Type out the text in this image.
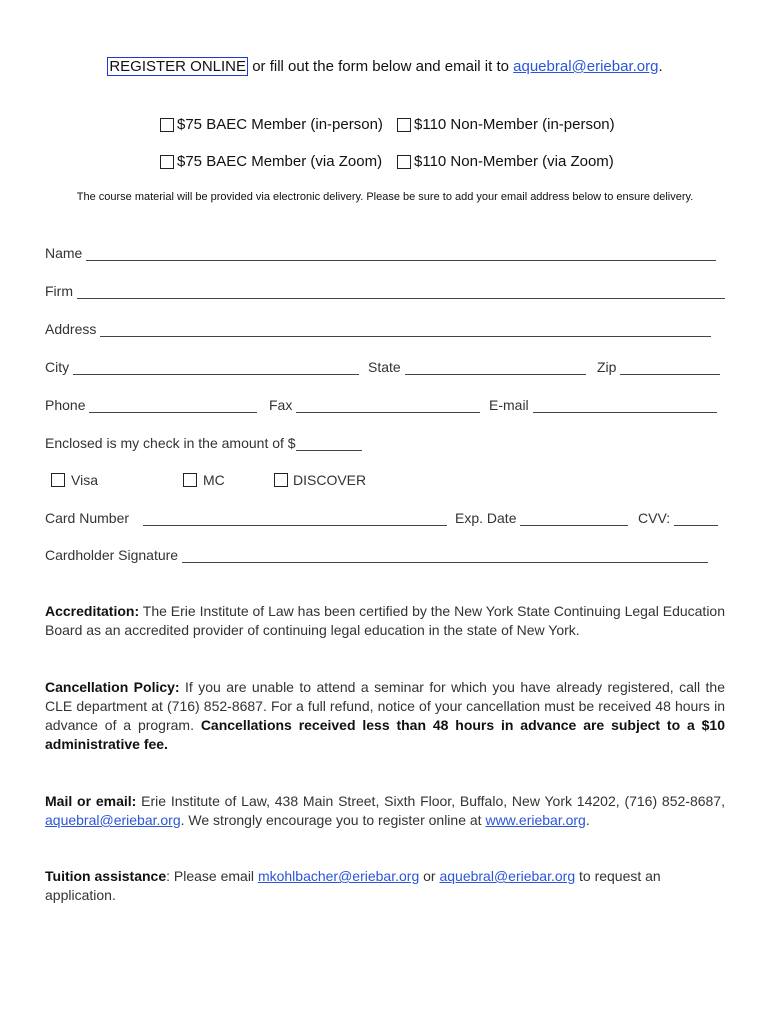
REGISTER ONLINE or fill out the form below and email it to aquebral@eriebar.org.
$75 BAEC Member (in-person) $110 Non-Member (in-person)
$75 BAEC Member (via Zoom) $110 Non-Member (via Zoom)
The course material will be provided via electronic delivery. Please be sure to add your email address below to ensure delivery.
Name
Firm
Address
City	State	Zip
Phone	Fax	E-mail
Enclosed is my check in the amount of $
Visa	MC	DISCOVER
Card Number	Exp. Date	CVV:
Cardholder Signature
Accreditation: The Erie Institute of Law has been certified by the New York State Continuing Legal Education Board as an accredited provider of continuing legal education in the state of New York.
Cancellation Policy: If you are unable to attend a seminar for which you have already registered, call the CLE department at (716) 852-8687. For a full refund, notice of your cancellation must be received 48 hours in advance of a program. Cancellations received less than 48 hours in advance are subject to a $10 administrative fee.
Mail or email: Erie Institute of Law, 438 Main Street, Sixth Floor, Buffalo, New York 14202, (716) 852-8687, aquebral@eriebar.org. We strongly encourage you to register online at www.eriebar.org.
Tuition assistance: Please email mkohlbacher@eriebar.org or aquebral@eriebar.org to request an application.
